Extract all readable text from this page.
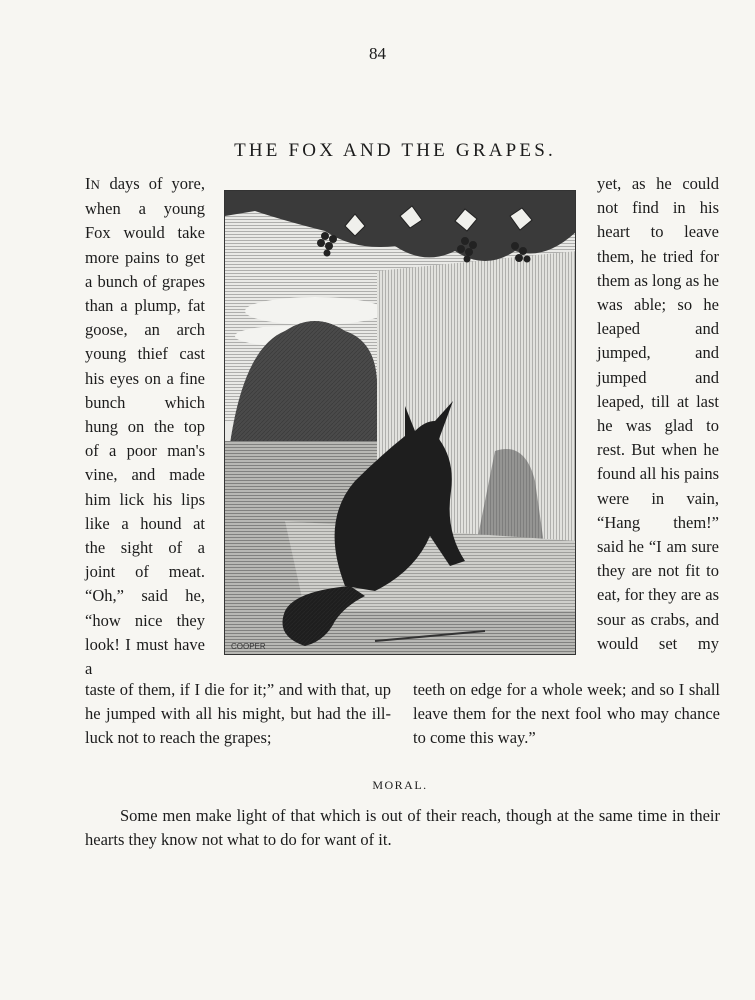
84
THE FOX AND THE GRAPES.

IN days of yore, when a young Fox would take more pains to get a bunch of grapes than a plump, fat goose, an arch young thief cast his eyes on a fine bunch which hung on the top of a poor man's vine, and made him lick his lips like a hound at the sight of a joint of meat. “Oh,” said he, “how nice they look! I must have a

COOPER

yet, as he could not find in his heart to leave them, he tried for them as long as he was able; so he leaped and jumped, and jumped and leaped, till at last he was glad to rest. But when he found all his pains were in vain, “Hang them!” said he “I am sure they are not fit to eat, for they are as sour as crabs, and would set my

taste of them, if I die for it;” and with that, up he jumped with all his might, but had the ill-luck not to reach the grapes;

teeth on edge for a whole week; and so I shall leave them for the next fool who may chance to come this way.”

MORAL.
Some men make light of that which is out of their reach, though at the same time in their hearts they know not what to do for want of it.
